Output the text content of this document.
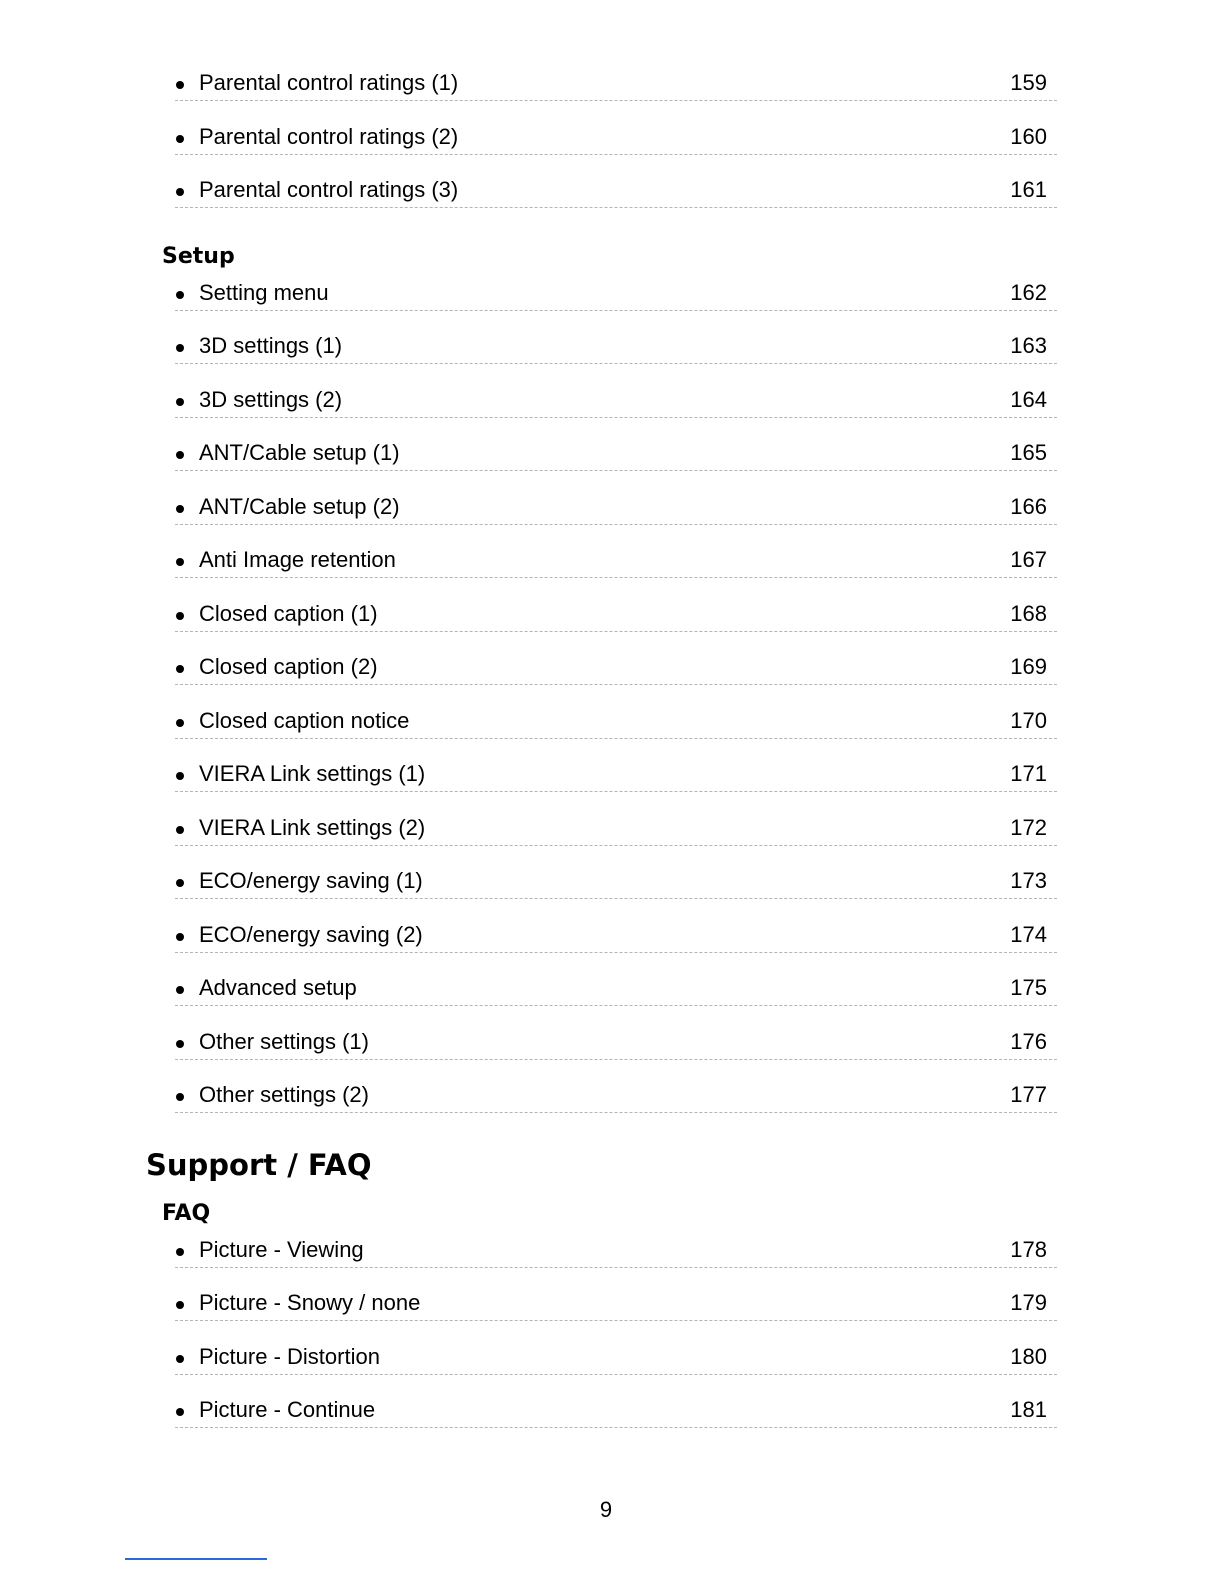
Parental control ratings (1)	159
Parental control ratings (2)	160
Parental control ratings (3)	161
Setup
Setting menu	162
3D settings (1)	163
3D settings (2)	164
ANT/Cable setup (1)	165
ANT/Cable setup (2)	166
Anti Image retention	167
Closed caption (1)	168
Closed caption (2)	169
Closed caption notice	170
VIERA Link settings (1)	171
VIERA Link settings (2)	172
ECO/energy saving (1)	173
ECO/energy saving (2)	174
Advanced setup	175
Other settings (1)	176
Other settings (2)	177
Support / FAQ
FAQ
Picture - Viewing	178
Picture - Snowy / none	179
Picture - Distortion	180
Picture - Continue	181
9
